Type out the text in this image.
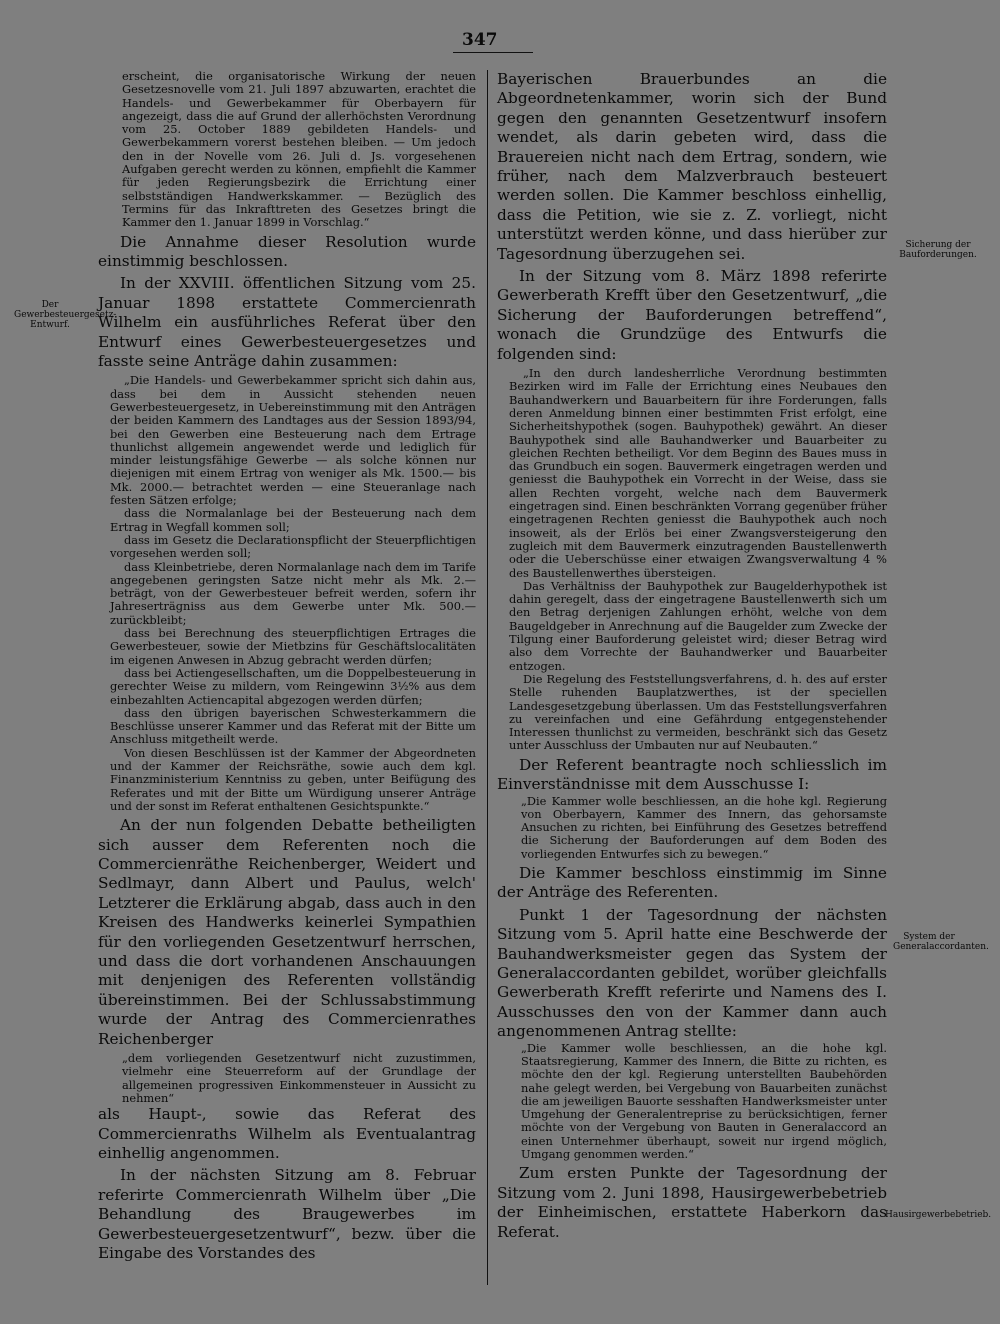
347

erscheint, die organisatorische Wirkung der neuen Gesetzesnovelle vom 21. Juli 1897 abzuwarten, erachtet die Handels- und Gewerbekammer für Oberbayern für angezeigt, dass die auf Grund der allerhöchsten Verordnung vom 25. October 1889 gebildeten Handels- und Gewerbekammern vorerst bestehen bleiben. — Um jedoch den in der Novelle vom 26. Juli d. Js. vorgesehenen Aufgaben gerecht werden zu können, empfiehlt die Kammer für jeden Regierungsbezirk die Errichtung einer selbstständigen Handwerkskammer. — Bezüglich des Termins für das Inkrafttreten des Gesetzes bringt die Kammer den 1. Januar 1899 in Vorschlag.“

Die Annahme dieser Resolution wurde einstimmig beschlossen.

In der XXVIII. öffentlichen Sitzung vom 25. Januar 1898 erstattete Commercienrath Wilhelm ein ausführliches Referat über den Entwurf eines Gewerbesteuergesetzes und fasste seine Anträge dahin zusammen:

„Die Handels- und Gewerbekammer spricht sich dahin aus, dass bei dem in Aussicht stehenden neuen Gewerbesteuergesetz, in Uebereinstimmung mit den Anträgen der beiden Kammern des Landtages aus der Session 1893/94, bei den Gewerben eine Besteuerung nach dem Ertrage thunlichst allgemein angewendet werde und lediglich für minder leistungsfähige Gewerbe — als solche können nur diejenigen mit einem Ertrag von weniger als Mk. 1500.— bis Mk. 2000.— betrachtet werden — eine Steueranlage nach festen Sätzen erfolge;

dass die Normalanlage bei der Besteuerung nach dem Ertrag in Wegfall kommen soll;

dass im Gesetz die Declarationspflicht der Steuerpflichtigen vorgesehen werden soll;

dass Kleinbetriebe, deren Normalanlage nach dem im Tarife angegebenen geringsten Satze nicht mehr als Mk. 2.— beträgt, von der Gewerbesteuer befreit werden, sofern ihr Jahreserträgniss aus dem Gewerbe unter Mk. 500.— zurückbleibt;

dass bei Berechnung des steuerpflichtigen Ertrages die Gewerbesteuer, sowie der Mietbzins für Geschäftslocalitäten im eigenen Anwesen in Abzug gebracht werden dürfen;

dass bei Actiengesellschaften, um die Doppelbesteuerung in gerechter Weise zu mildern, vom Reingewinn 3½% aus dem einbezahlten Actiencapital abgezogen werden dürfen;

dass den übrigen bayerischen Schwesterkammern die Beschlüsse unserer Kammer und das Referat mit der Bitte um Anschluss mitgetheilt werde.

Von diesen Beschlüssen ist der Kammer der Abgeordneten und der Kammer der Reichsräthe, sowie auch dem kgl. Finanzministerium Kenntniss zu geben, unter Beifügung des Referates und mit der Bitte um Würdigung unserer Anträge und der sonst im Referat enthaltenen Gesichtspunkte.“

An der nun folgenden Debatte betheiligten sich ausser dem Referenten noch die Commercienräthe Reichenberger, Weidert und Sedlmayr, dann Albert und Paulus, welch' Letzterer die Erklärung abgab, dass auch in den Kreisen des Handwerks keinerlei Sympathien für den vorliegenden Gesetzentwurf herrschen, und dass die dort vorhandenen Anschauungen mit denjenigen des Referenten vollständig übereinstimmen. Bei der Schlussabstimmung wurde der Antrag des Commercienrathes Reichenberger

„dem vorliegenden Gesetzentwurf nicht zuzustimmen, vielmehr eine Steuerreform auf der Grundlage der allgemeinen progressiven Einkommensteuer in Aussicht zu nehmen“

als Haupt-, sowie das Referat des Commercienraths Wilhelm als Eventualantrag einhellig angenommen.

In der nächsten Sitzung am 8. Februar referirte Commercienrath Wilhelm über „Die Behandlung des Braugewerbes im Gewerbesteuergesetzentwurf“, bezw. über die Eingabe des Vorstandes des

Bayerischen Brauerbundes an die Abgeordnetenkammer, worin sich der Bund gegen den genannten Gesetzentwurf insofern wendet, als darin gebeten wird, dass die Brauereien nicht nach dem Ertrag, sondern, wie früher, nach dem Malzverbrauch besteuert werden sollen. Die Kammer beschloss einhellig, dass die Petition, wie sie z. Z. vorliegt, nicht unterstützt werden könne, und dass hierüber zur Tagesordnung überzugehen sei.

In der Sitzung vom 8. März 1898 referirte Gewerberath Krefft über den Gesetzentwurf, „die Sicherung der Bauforderungen betreffend“, wonach die Grundzüge des Entwurfs die folgenden sind:

„In den durch landesherrliche Verordnung bestimmten Bezirken wird im Falle der Errichtung eines Neubaues den Bauhandwerkern und Bauarbeitern für ihre Forderungen, falls deren Anmeldung binnen einer bestimmten Frist erfolgt, eine Sicherheitshypothek (sogen. Bauhypothek) gewährt. An dieser Bauhypothek sind alle Bauhandwerker und Bauarbeiter zu gleichen Rechten betheiligt. Vor dem Beginn des Baues muss in das Grundbuch ein sogen. Bauvermerk eingetragen werden und geniesst die Bauhypothek ein Vorrecht in der Weise, dass sie allen Rechten vorgeht, welche nach dem Bauvermerk eingetragen sind. Einen beschränkten Vorrang gegenüber früher eingetragenen Rechten geniesst die Bauhypothek auch noch insoweit, als der Erlös bei einer Zwangsversteigerung den zugleich mit dem Bauvermerk einzutragenden Baustellenwerth oder die Ueberschüsse einer etwaigen Zwangsverwaltung 4 % des Baustellenwerthes übersteigen.

Das Verhältniss der Bauhypothek zur Baugelderhypothek ist dahin geregelt, dass der eingetragene Baustellenwerth sich um den Betrag derjenigen Zahlungen erhöht, welche von dem Baugeldgeber in Anrechnung auf die Baugelder zum Zwecke der Tilgung einer Bauforderung geleistet wird; dieser Betrag wird also dem Vorrechte der Bauhandwerker und Bauarbeiter entzogen.

Die Regelung des Feststellungsverfahrens, d. h. des auf erster Stelle ruhenden Bauplatzwerthes, ist der speciellen Landesgesetzgebung überlassen. Um das Feststellungsverfahren zu vereinfachen und eine Gefährdung entgegenstehender Interessen thunlichst zu vermeiden, beschränkt sich das Gesetz unter Ausschluss der Umbauten nur auf Neubauten.“

Der Referent beantragte noch schliesslich im Einverständnisse mit dem Ausschusse I:

„Die Kammer wolle beschliessen, an die hohe kgl. Regierung von Oberbayern, Kammer des Innern, das gehorsamste Ansuchen zu richten, bei Einführung des Gesetzes betreffend die Sicherung der Bauforderungen auf dem Boden des vorliegenden Entwurfes sich zu bewegen.“

Die Kammer beschloss einstimmig im Sinne der Anträge des Referenten.

Punkt 1 der Tagesordnung der nächsten Sitzung vom 5. April hatte eine Beschwerde der Bauhandwerksmeister gegen das System der Generalaccordanten gebildet, worüber gleichfalls Gewerberath Krefft referirte und Namens des I. Ausschusses den von der Kammer dann auch angenommenen Antrag stellte:

„Die Kammer wolle beschliessen, an die hohe kgl. Staatsregierung, Kammer des Innern, die Bitte zu richten, es möchte den der kgl. Regierung unterstellten Baubehörden nahe gelegt werden, bei Vergebung von Bauarbeiten zunächst die am jeweiligen Bauorte sesshaften Handwerksmeister unter Umgehung der Generalentreprise zu berücksichtigen, ferner möchte von der Vergebung von Bauten in Generalaccord an einen Unternehmer überhaupt, soweit nur irgend möglich, Umgang genommen werden.“

Zum ersten Punkte der Tagesordnung der Sitzung vom 2. Juni 1898, Hausirgewerbebetrieb der Einheimischen, erstattete Haberkorn das Referat.

Der Gewerbesteuergesetz-Entwurf.
Sicherung der Bauforderungen.
System der Generalaccordanten.
Hausirgewerbebetrieb.
